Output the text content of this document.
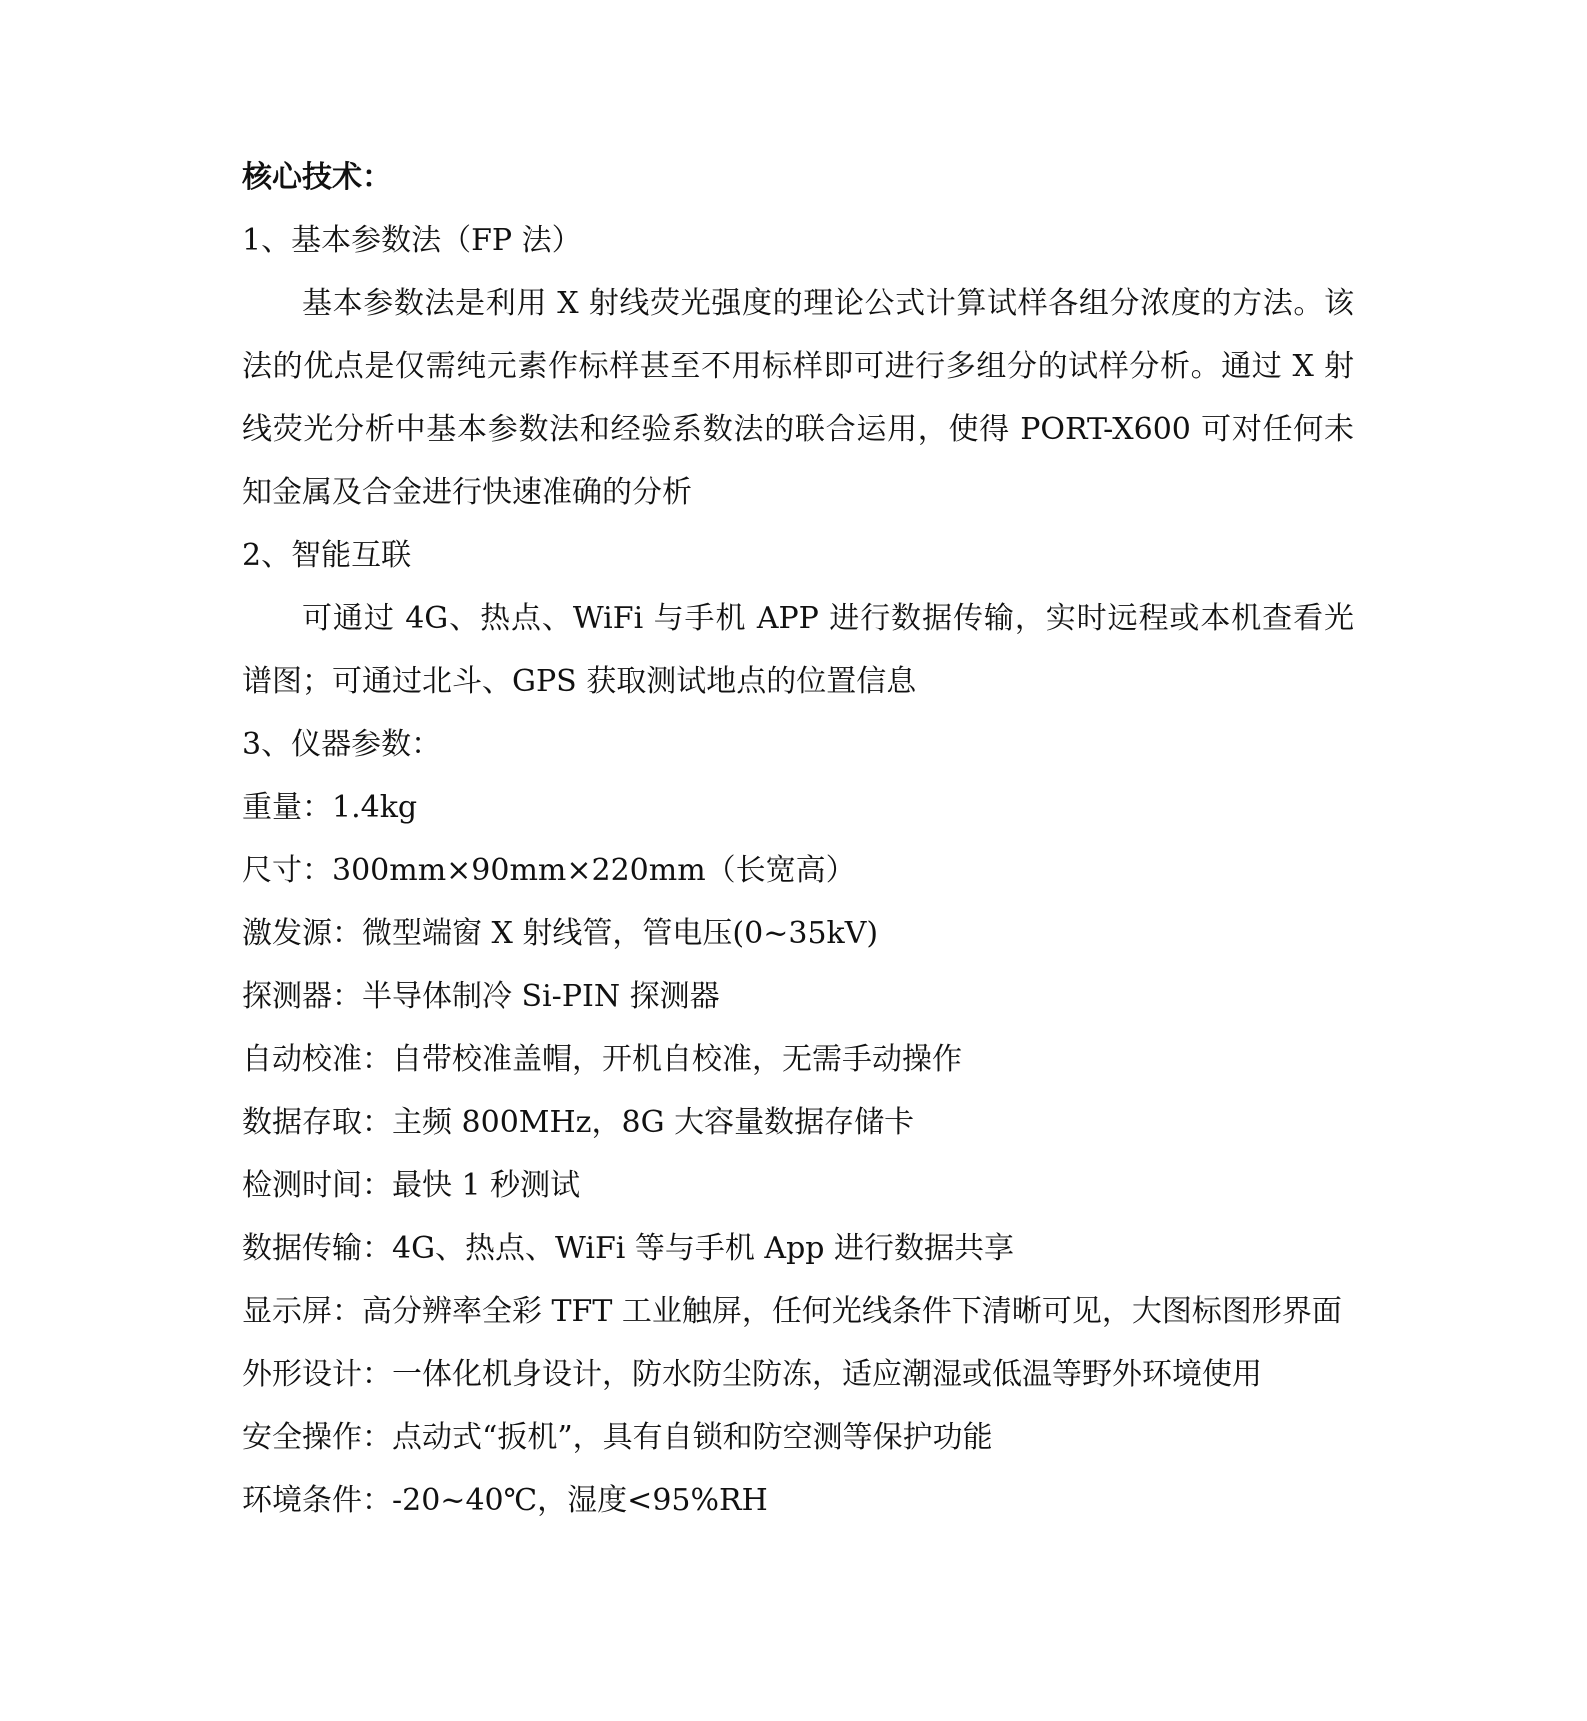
核心技术：

1、基本参数法（FP 法）

基本参数法是利用 X 射线荧光强度的理论公式计算试样各组分浓度的方法。该法的优点是仅需纯元素作标样甚至不用标样即可进行多组分的试样分析。通过 X 射线荧光分析中基本参数法和经验系数法的联合运用，使得 PORT-X600 可对任何未知金属及合金进行快速准确的分析

2、智能互联

可通过 4G、热点、WiFi 与手机 APP 进行数据传输，实时远程或本机查看光谱图；可通过北斗、GPS 获取测试地点的位置信息

3、仪器参数：

重量：1.4kg

尺寸：300mm×90mm×220mm（长宽高）

激发源：微型端窗 X 射线管，管电压(0~35kV)

探测器：半导体制冷 Si-PIN 探测器

自动校准：自带校准盖帽，开机自校准，无需手动操作

数据存取：主频 800MHz，8G 大容量数据存储卡

检测时间：最快 1 秒测试

数据传输：4G、热点、WiFi 等与手机 App 进行数据共享

显示屏：高分辨率全彩 TFT 工业触屏，任何光线条件下清晰可见，大图标图形界面

外形设计：一体化机身设计，防水防尘防冻，适应潮湿或低温等野外环境使用

安全操作：点动式“扳机”，具有自锁和防空测等保护功能

环境条件：-20~40℃，湿度<95%RH
